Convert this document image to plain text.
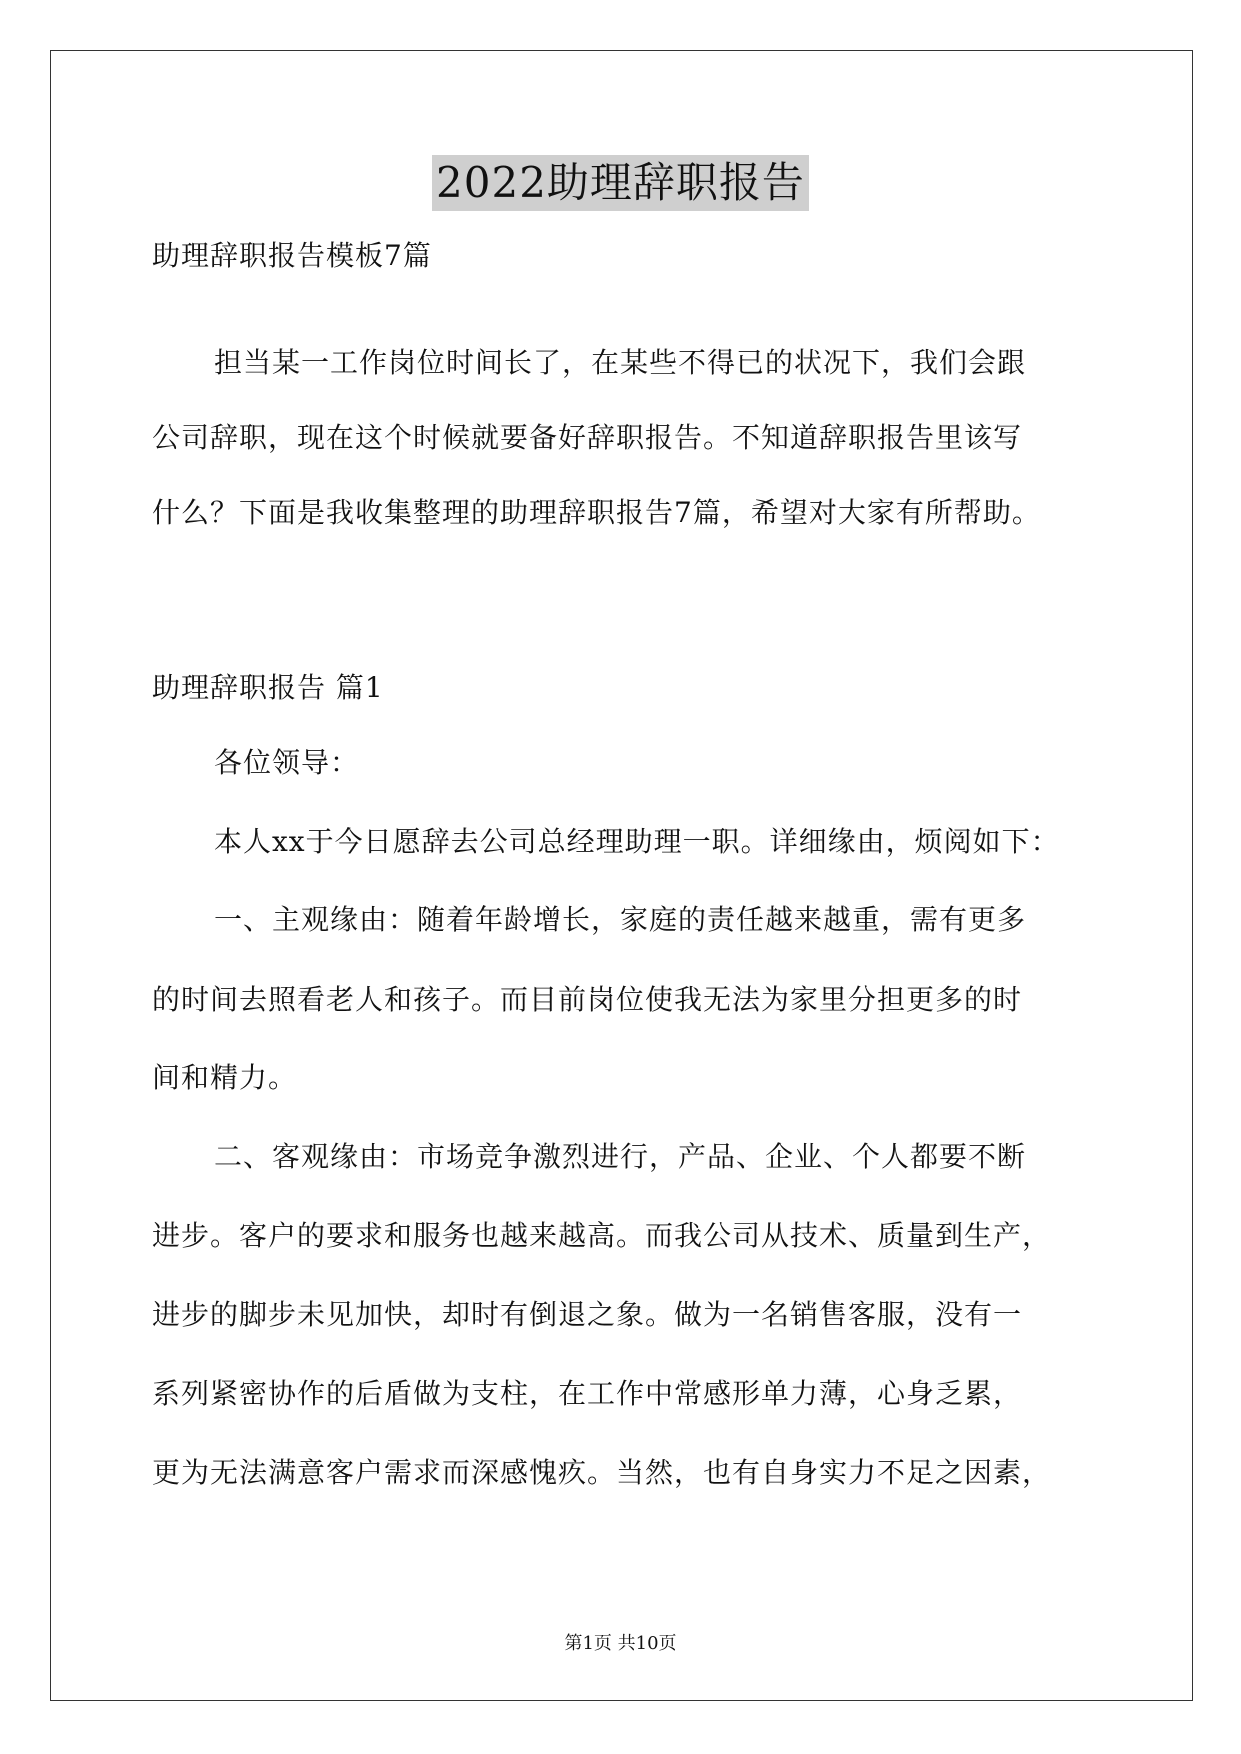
2022助理辞职报告
助理辞职报告模板7篇
担当某一工作岗位时间长了，在某些不得已的状况下，我们会跟
公司辞职，现在这个时候就要备好辞职报告。不知道辞职报告里该写
什么？下面是我收集整理的助理辞职报告7篇，希望对大家有所帮助。
助理辞职报告 篇1
各位领导：
本人xx于今日愿辞去公司总经理助理一职。详细缘由，烦阅如下：
一、主观缘由：随着年龄增长，家庭的责任越来越重，需有更多
的时间去照看老人和孩子。而目前岗位使我无法为家里分担更多的时
间和精力。
二、客观缘由：市场竞争激烈进行，产品、企业、个人都要不断
进步。客户的要求和服务也越来越高。而我公司从技术、质量到生产，
进步的脚步未见加快，却时有倒退之象。做为一名销售客服，没有一
系列紧密协作的后盾做为支柱，在工作中常感形单力薄，心身乏累，
更为无法满意客户需求而深感愧疚。当然，也有自身实力不足之因素，
第1页 共10页
